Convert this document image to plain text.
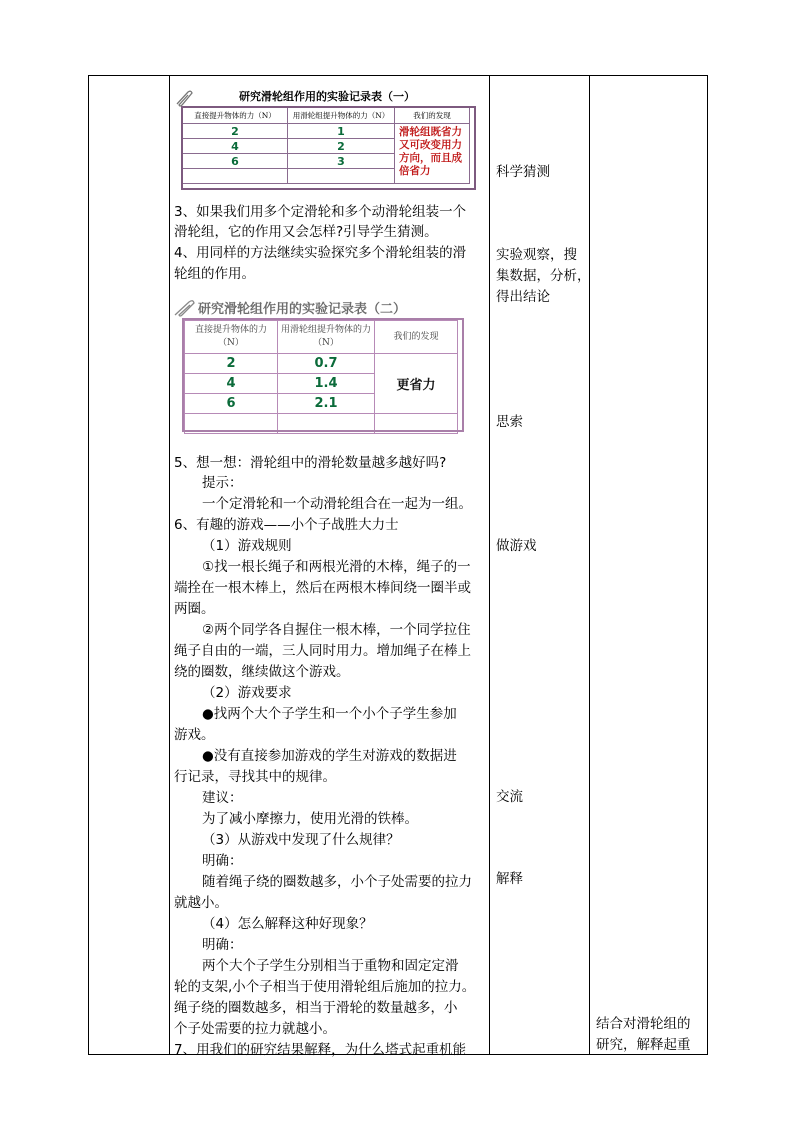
研究滑轮组作用的实验记录表（一）
直接提升物体的力（N）	用滑轮组提升物体的力（N）	我们的发现
2	1	滑轮组既省力又可改变用力方向，而且成倍省力
4	2	
6	3	

研究滑轮组作用的实验记录表（二）
直接提升物体的力（N）	用滑轮组提升物体的力（N）	我们的发现
2	0.7	更省力
4	1.4	
6	2.1	

3、如果我们用多个定滑轮和多个动滑轮组装一个
滑轮组，它的作用又会怎样?引导学生猜测。
4、用同样的方法继续实验探究多个滑轮组装的滑
轮组的作用。
5、想一想：滑轮组中的滑轮数量越多越好吗?
提示：
一个定滑轮和一个动滑轮组合在一起为一组。
6、有趣的游戏——小个子战胜大力士
（1）游戏规则
①找一根长绳子和两根光滑的木棒，绳子的一
端拴在一根木棒上，然后在两根木棒间绕一圈半或
两圈。
②两个同学各自握住一根木棒，一个同学拉住
绳子自由的一端，三人同时用力。增加绳子在棒上
绕的圈数，继续做这个游戏。
（2）游戏要求
●找两个大个子学生和一个小个子学生参加
游戏。
●没有直接参加游戏的学生对游戏的数据进
行记录，寻找其中的规律。
建议：
为了减小摩擦力，使用光滑的铁棒。
（3）从游戏中发现了什么规律？
明确：
随着绳子绕的圈数越多，小个子处需要的拉力
就越小。
（4）怎么解释这种好现象？
明确：
两个大个子学生分别相当于重物和固定定滑
轮的支架,小个子相当于使用滑轮组后施加的拉力。
绳子绕的圈数越多，相当于滑轮的数量越多，小
个子处需要的拉力就越小。
7、用我们的研究结果解释，为什么塔式起重机能
科学猜测
实验观察，搜
集数据，分析，
得出结论
思索
做游戏
交流
解释
结合对滑轮组的
研究，解释起重
